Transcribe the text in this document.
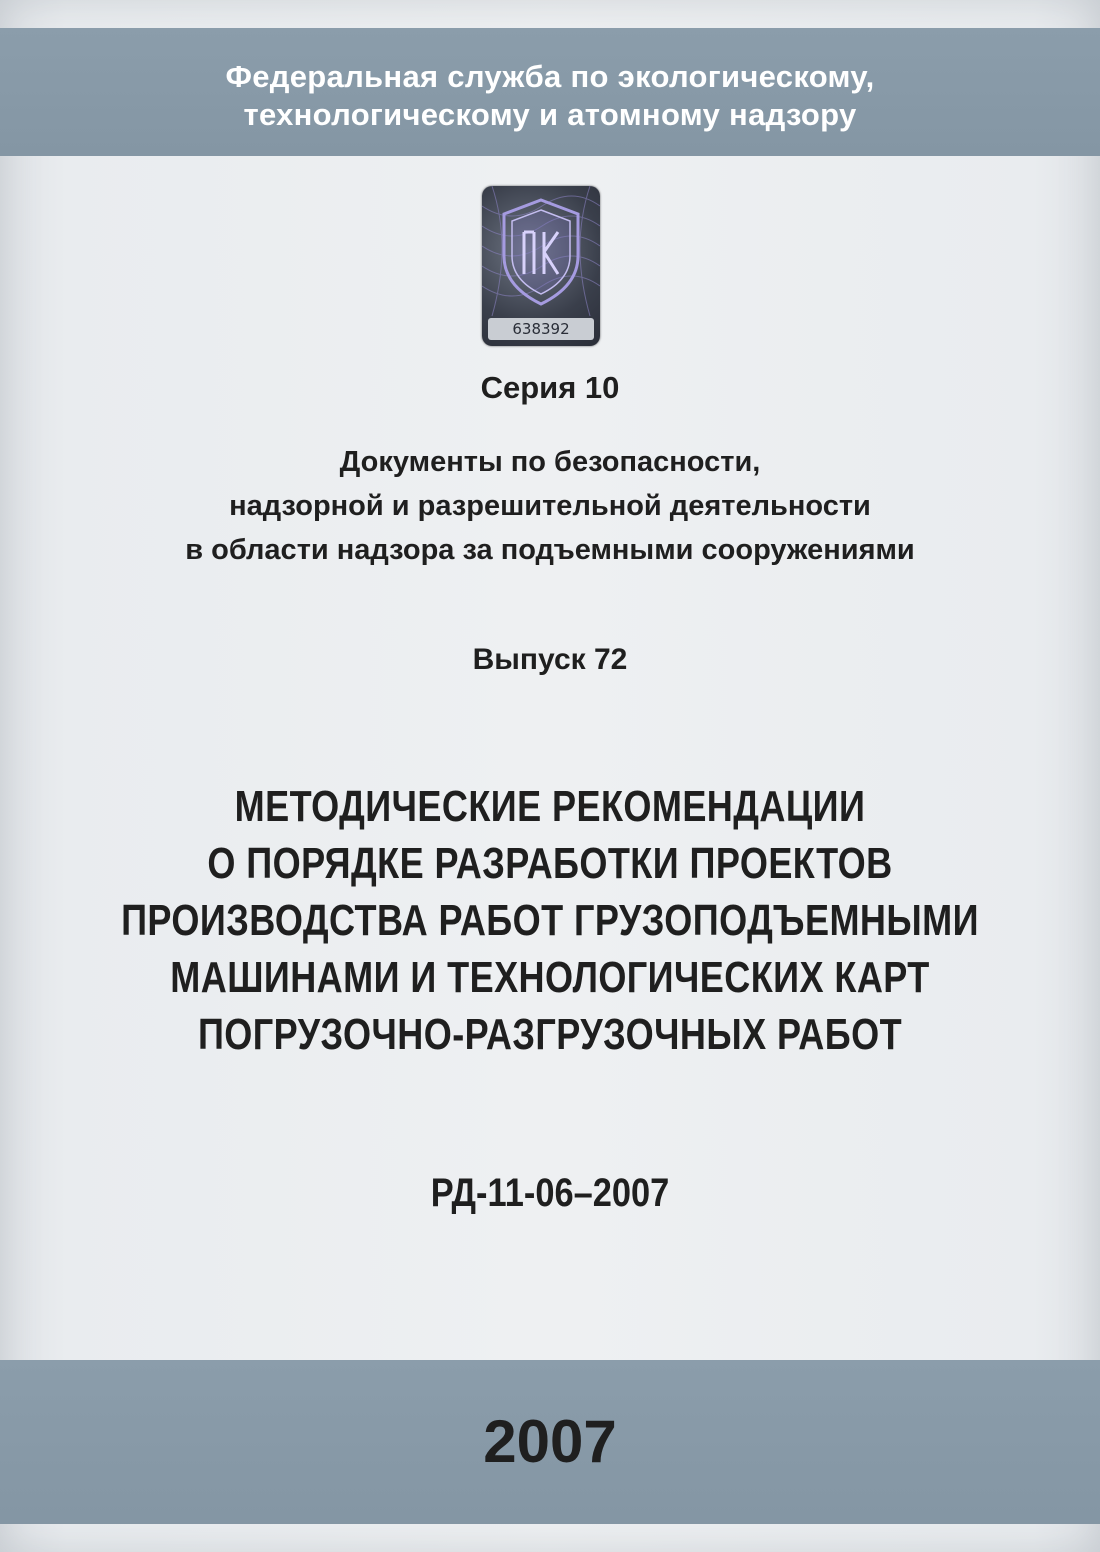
Федеральная служба по экологическому,
технологическому и атомному надзору
638392
Серия 10
Документы по безопасности,
надзорной и разрешительной деятельности
в области надзора за подъемными сооружениями
Выпуск 72
МЕТОДИЧЕСКИЕ РЕКОМЕНДАЦИИ
О ПОРЯДКЕ РАЗРАБОТКИ ПРОЕКТОВ
ПРОИЗВОДСТВА РАБОТ ГРУЗОПОДЪЕМНЫМИ
МАШИНАМИ И ТЕХНОЛОГИЧЕСКИХ КАРТ
ПОГРУЗОЧНО-РАЗГРУЗОЧНЫХ РАБОТ
РД-11-06–2007
2007
